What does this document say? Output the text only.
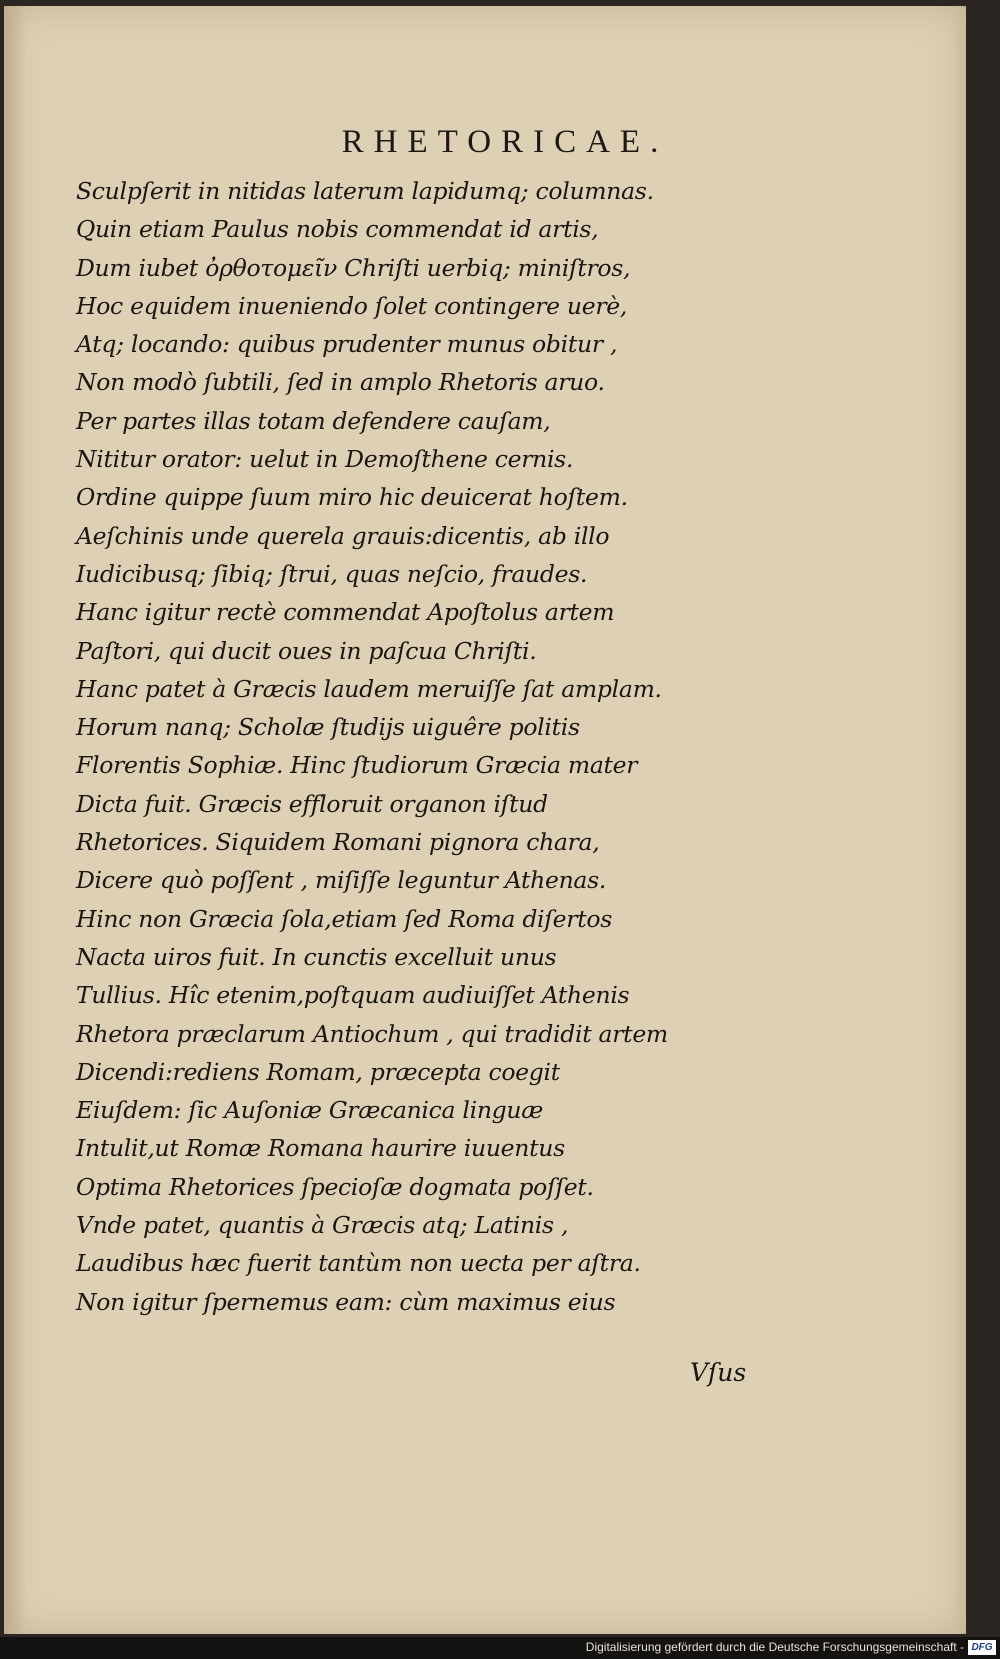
RHETORICAE.
Sculpſerit in nitidas laterum lapidumq; columnas.
Quin etiam Paulus nobis commendat id artis,
Dum iubet ὀρθοτομεῖν Chriſti uerbiq; miniſtros,
Hoc equidem inueniendo ſolet contingere uerè,
Atq; locando: quibus prudenter munus obitur ,
Non modò ſubtili, ſed in amplo Rhetoris aruo.
Per partes illas totam defendere cauſam,
Nititur orator: uelut in Demoſthene cernis.
Ordine quippe ſuum miro hic deuicerat hoſtem.
Aeſchinis unde querela grauis:dicentis, ab illo
Iudicibusq; ſibiq; ſtrui, quas neſcio, fraudes.
Hanc igitur rectè commendat Apoſtolus artem
Paſtori, qui ducit oues in paſcua Chriſti.
Hanc patet à Græcis laudem meruiſſe ſat amplam.
Horum nanq; Scholæ ſtudijs uiguêre politis
Florentis Sophiæ. Hinc ſtudiorum Græcia mater
Dicta fuit. Græcis effloruit organon iſtud
Rhetorices. Siquidem Romani pignora chara,
Dicere quò poſſent , miſiſſe leguntur Athenas.
Hinc non Græcia ſola,etiam ſed Roma diſertos
Nacta uiros fuit. In cunctis excelluit unus
Tullius. Hîc etenim,poſtquam audiuiſſet Athenis
Rhetora præclarum Antiochum , qui tradidit artem
Dicendi:rediens Romam, præcepta coegit
Eiuſdem: ſic Auſoniæ Græcanica linguæ
Intulit,ut Romæ Romana haurire iuuentus
Optima Rhetorices ſpecioſæ dogmata poſſet.
Vnde patet, quantis à Græcis atq; Latinis ,
Laudibus hæc fuerit tantùm non uecta per aſtra.
Non igitur ſpernemus eam: cùm maximus eius
Vſus
Digitalisierung gefördert durch die Deutsche Forschungsgemeinschaft - DFG
